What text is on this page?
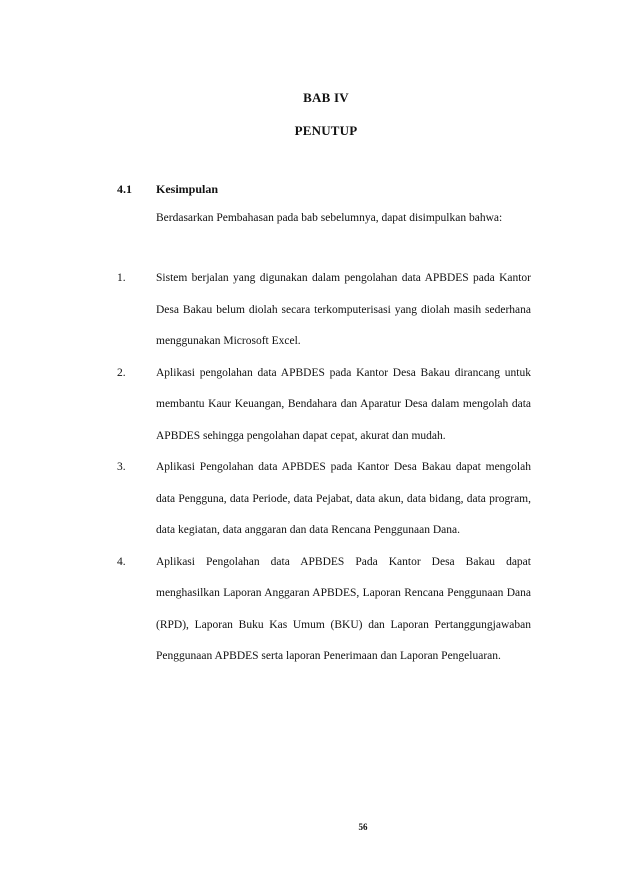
BAB IV
PENUTUP
4.1 Kesimpulan
Berdasarkan Pembahasan pada bab sebelumnya, dapat disimpulkan bahwa:
1.	Sistem berjalan yang digunakan dalam pengolahan data APBDES pada Kantor Desa Bakau belum diolah secara terkomputerisasi yang diolah masih sederhana menggunakan Microsoft Excel.
2.	Aplikasi pengolahan data APBDES pada Kantor Desa Bakau dirancang untuk membantu Kaur Keuangan, Bendahara dan Aparatur Desa dalam mengolah data APBDES sehingga pengolahan dapat cepat, akurat dan mudah.
3.	Aplikasi Pengolahan data APBDES pada Kantor Desa Bakau dapat mengolah data Pengguna, data Periode, data Pejabat, data akun, data bidang, data program, data kegiatan, data anggaran dan data Rencana Penggunaan Dana.
4.	Aplikasi Pengolahan data APBDES Pada Kantor Desa Bakau dapat menghasilkan Laporan Anggaran APBDES, Laporan Rencana Penggunaan Dana (RPD), Laporan Buku Kas Umum (BKU) dan Laporan Pertanggungjawaban Penggunaan APBDES serta laporan Penerimaan dan Laporan Pengeluaran.
56
